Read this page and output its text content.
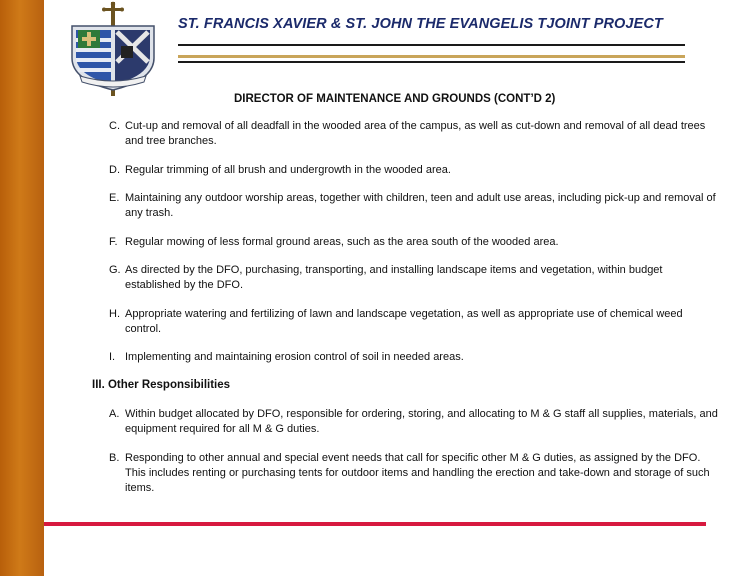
ST. FRANCIS XAVIER & ST. JOHN THE EVANGELIS TJOINT PROJECT
DIRECTOR OF MAINTENANCE AND GROUNDS (CONT’D 2)
C. Cut-up and removal of all deadfall in the wooded area of the campus, as well as cut-down and removal of all dead trees and tree branches.
D. Regular trimming of all brush and undergrowth in the wooded area.
E. Maintaining any outdoor worship areas, together with children, teen and adult use areas, including pick-up and removal of any trash.
F. Regular mowing of less formal ground areas, such as the area south of the wooded area.
G. As directed by the DFO, purchasing, transporting, and installing landscape items and vegetation, within budget established by the DFO.
H. Appropriate watering and fertilizing of lawn and landscape vegetation, as well as appropriate use of chemical weed control.
I. Implementing and maintaining erosion control of soil in needed areas.
III. Other Responsibilities
A. Within budget allocated by DFO, responsible for ordering, storing, and allocating to M & G staff all supplies, materials, and equipment required for all M & G duties.
B. Responding to other annual and special event needs that call for specific other M & G duties, as assigned by the DFO. This includes renting or purchasing tents for outdoor items and handling the erection and take-down and storage of such items.
